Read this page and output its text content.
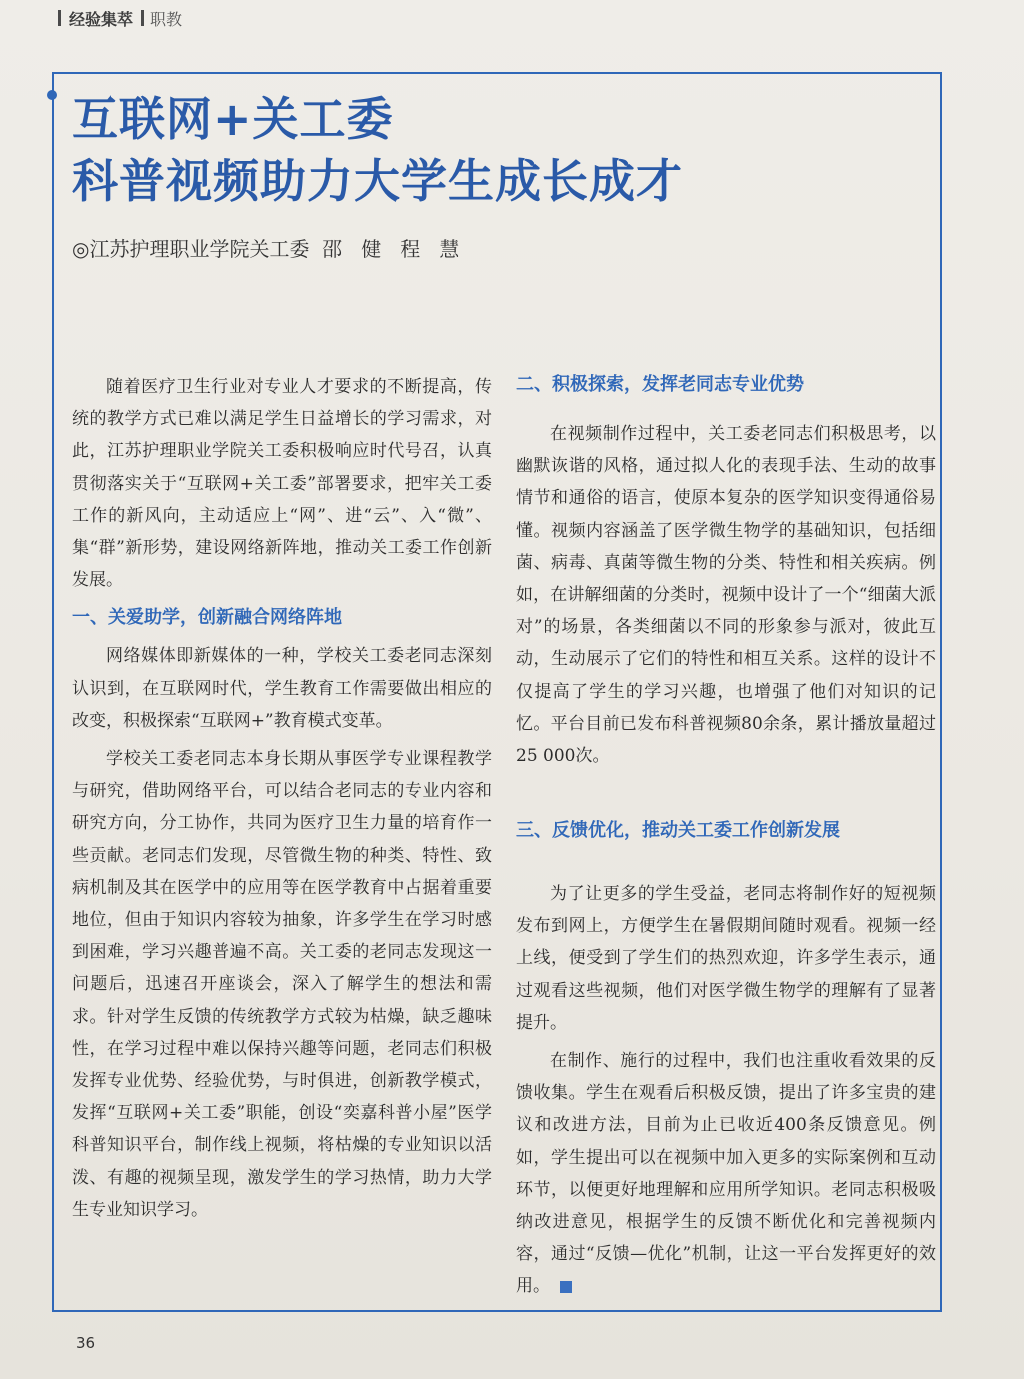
经验集萃 职教
互联网+关工委
科普视频助力大学生成长成才
◎江苏护理职业学院关工委  邵   健   程   慧

随着医疗卫生行业对专业人才要求的不断提高，传统的教学方式已难以满足学生日益增长的学习需求，对此，江苏护理职业学院关工委积极响应时代号召，认真贯彻落实关于“互联网+关工委”部署要求，把牢关工委工作的新风向，主动适应上“网”、进“云”、入“微”、集“群”新形势，建设网络新阵地，推动关工委工作创新发展。

一、关爱助学，创新融合网络阵地

网络媒体即新媒体的一种，学校关工委老同志深刻认识到，在互联网时代，学生教育工作需要做出相应的改变，积极探索“互联网+”教育模式变革。

学校关工委老同志本身长期从事医学专业课程教学与研究，借助网络平台，可以结合老同志的专业内容和研究方向，分工协作，共同为医疗卫生力量的培育作一些贡献。老同志们发现，尽管微生物的种类、特性、致病机制及其在医学中的应用等在医学教育中占据着重要地位，但由于知识内容较为抽象，许多学生在学习时感到困难，学习兴趣普遍不高。关工委的老同志发现这一问题后，迅速召开座谈会，深入了解学生的想法和需求。针对学生反馈的传统教学方式较为枯燥，缺乏趣味性，在学习过程中难以保持兴趣等问题，老同志们积极发挥专业优势、经验优势，与时俱进，创新教学模式，发挥“互联网+关工委”职能，创设“奕嘉科普小屋”医学科普知识平台，制作线上视频，将枯燥的专业知识以活泼、有趣的视频呈现，激发学生的学习热情，助力大学生专业知识学习。

二、积极探索，发挥老同志专业优势

在视频制作过程中，关工委老同志们积极思考，以幽默诙谐的风格，通过拟人化的表现手法、生动的故事情节和通俗的语言，使原本复杂的医学知识变得通俗易懂。视频内容涵盖了医学微生物学的基础知识，包括细菌、病毒、真菌等微生物的分类、特性和相关疾病。例如，在讲解细菌的分类时，视频中设计了一个“细菌大派对”的场景，各类细菌以不同的形象参与派对，彼此互动，生动展示了它们的特性和相互关系。这样的设计不仅提高了学生的学习兴趣，也增强了他们对知识的记忆。平台目前已发布科普视频80余条，累计播放量超过25 000次。

三、反馈优化，推动关工委工作创新发展

为了让更多的学生受益，老同志将制作好的短视频发布到网上，方便学生在暑假期间随时观看。视频一经上线，便受到了学生们的热烈欢迎，许多学生表示，通过观看这些视频，他们对医学微生物学的理解有了显著提升。

在制作、施行的过程中，我们也注重收看效果的反馈收集。学生在观看后积极反馈，提出了许多宝贵的建议和改进方法，目前为止已收近400条反馈意见。例如，学生提出可以在视频中加入更多的实际案例和互动环节，以便更好地理解和应用所学知识。老同志积极吸纳改进意见，根据学生的反馈不断优化和完善视频内容，通过“反馈—优化”机制，让这一平台发挥更好的效用。

36
